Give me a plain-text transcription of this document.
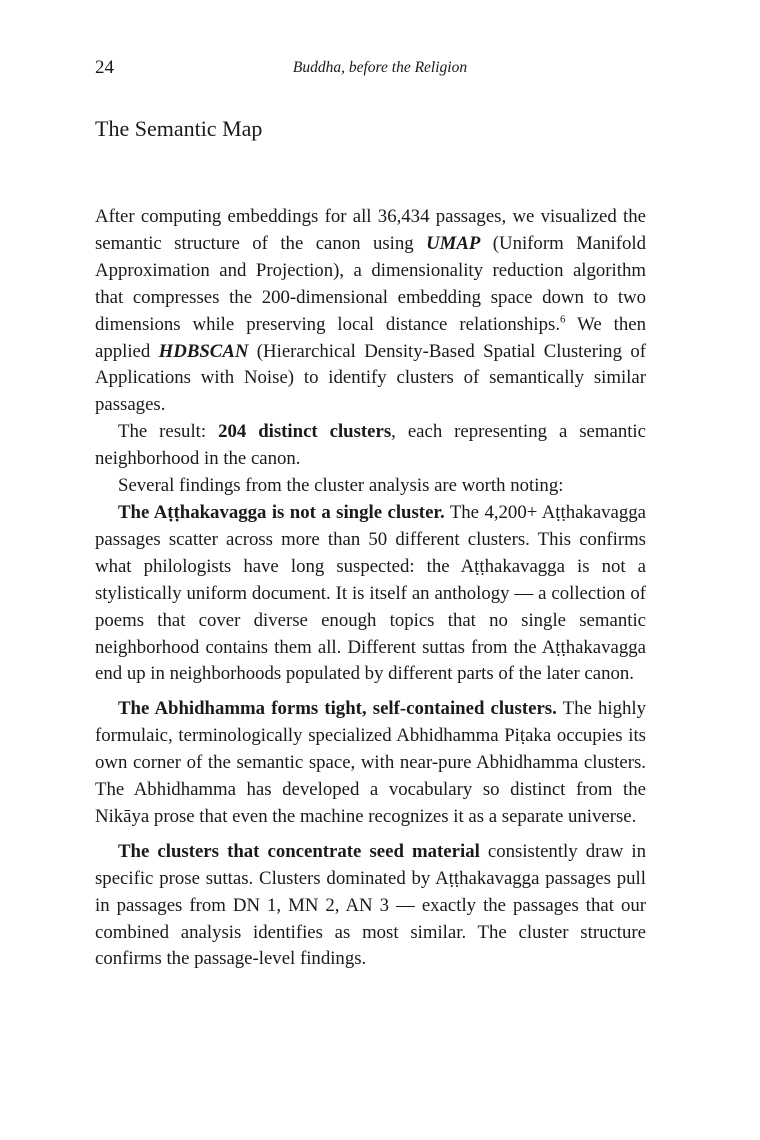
24	Buddha, before the Religion
The Semantic Map

After computing embeddings for all 36,434 passages, we visualized the semantic structure of the canon using UMAP (Uniform Manifold Approximation and Projection), a dimensionality reduction algorithm that compresses the 200-dimensional embedding space down to two dimensions while preserving local distance relationships.$^6$ We then applied HDBSCAN (Hierarchical Density-Based Spatial Clustering of Applications with Noise) to identify clusters of semantically similar passages.

The result: 204 distinct clusters, each representing a semantic neighborhood in the canon.

Several findings from the cluster analysis are worth noting:

The Aṭṭhakavagga is not a single cluster. The 4,200+ Aṭṭhakavagga passages scatter across more than 50 different clusters. This confirms what philologists have long suspected: the Aṭṭhakavagga is not a stylistically uniform document. It is itself an anthology — a collection of poems that cover diverse enough topics that no single semantic neighborhood contains them all. Different suttas from the Aṭṭhakavagga end up in neighborhoods populated by different parts of the later canon.

The Abhidhamma forms tight, self-contained clusters. The highly formulaic, terminologically specialized Abhidhamma Piṭaka occupies its own corner of the semantic space, with near-pure Abhidhamma clusters. The Abhidhamma has developed a vocabulary so distinct from the Nikāya prose that even the machine recognizes it as a separate universe.

The clusters that concentrate seed material consistently draw in specific prose suttas. Clusters dominated by Aṭṭhakavagga passages pull in passages from DN 1, MN 2, AN 3 — exactly the passages that our combined analysis identifies as most similar. The cluster structure confirms the passage-level findings.
